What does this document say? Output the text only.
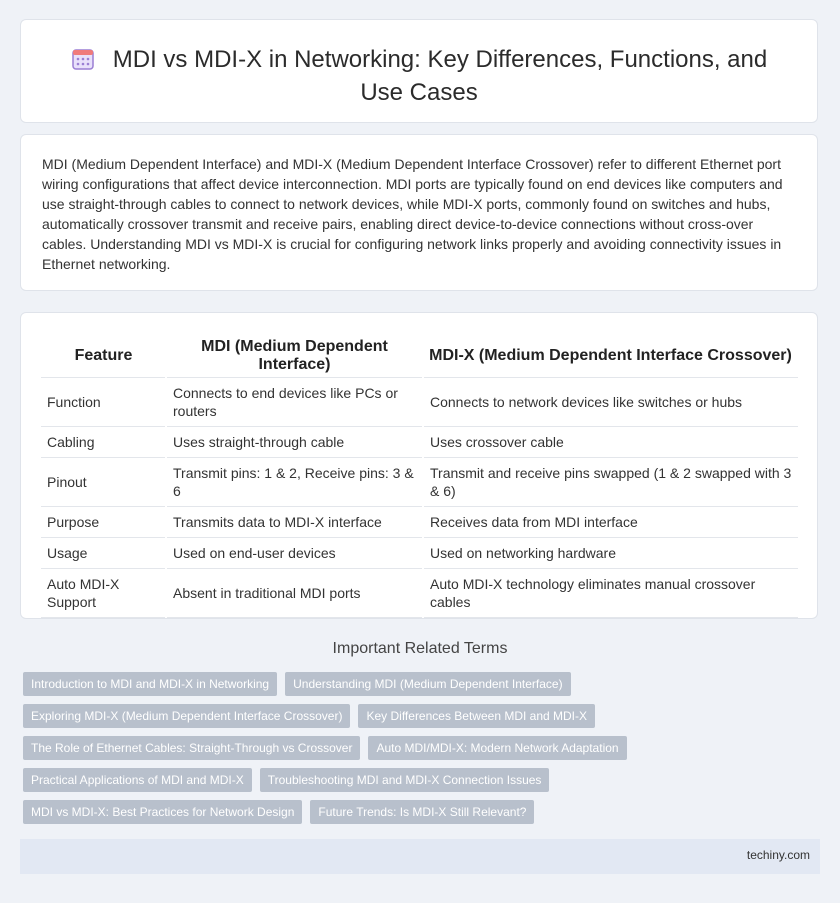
MDI vs MDI-X in Networking: Key Differences, Functions, and Use Cases
MDI (Medium Dependent Interface) and MDI-X (Medium Dependent Interface Crossover) refer to different Ethernet port wiring configurations that affect device interconnection. MDI ports are typically found on end devices like computers and use straight-through cables to connect to network devices, while MDI-X ports, commonly found on switches and hubs, automatically crossover transmit and receive pairs, enabling direct device-to-device connections without cross-over cables. Understanding MDI vs MDI-X is crucial for configuring network links properly and avoiding connectivity issues in Ethernet networking.
Feature	MDI (Medium Dependent Interface)	MDI-X (Medium Dependent Interface Crossover)
Function	Connects to end devices like PCs or routers	Connects to network devices like switches or hubs
Cabling	Uses straight-through cable	Uses crossover cable
Pinout	Transmit pins: 1 & 2, Receive pins: 3 & 6	Transmit and receive pins swapped (1 & 2 swapped with 3 & 6)
Purpose	Transmits data to MDI-X interface	Receives data from MDI interface
Usage	Used on end-user devices	Used on networking hardware
Auto MDI-X Support	Absent in traditional MDI ports	Auto MDI-X technology eliminates manual crossover cables
Important Related Terms
Introduction to MDI and MDI-X in Networking	Understanding MDI (Medium Dependent Interface)
Exploring MDI-X (Medium Dependent Interface Crossover)	Key Differences Between MDI and MDI-X
The Role of Ethernet Cables: Straight-Through vs Crossover	Auto MDI/MDI-X: Modern Network Adaptation
Practical Applications of MDI and MDI-X	Troubleshooting MDI and MDI-X Connection Issues
MDI vs MDI-X: Best Practices for Network Design	Future Trends: Is MDI-X Still Relevant?
techiny.com
